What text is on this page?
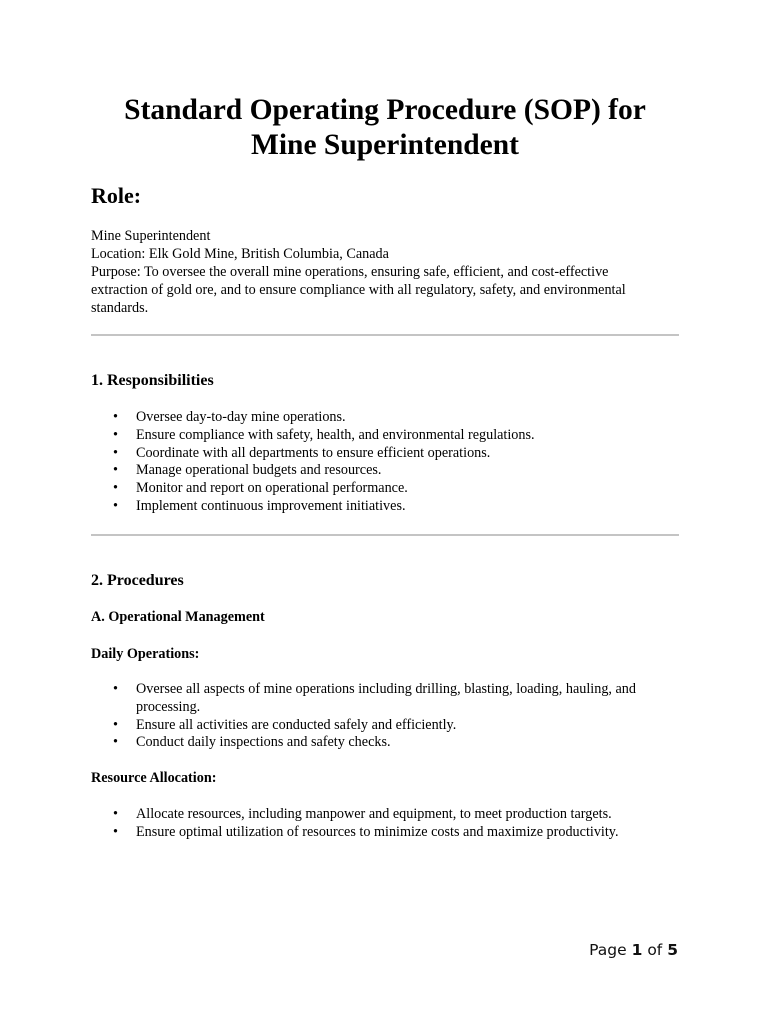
Standard Operating Procedure (SOP) for
Mine Superintendent
Role:
Mine Superintendent
Location: Elk Gold Mine, British Columbia, Canada
Purpose: To oversee the overall mine operations, ensuring safe, efficient, and cost-effective
extraction of gold ore, and to ensure compliance with all regulatory, safety, and environmental
standards.
1. Responsibilities
• Oversee day-to-day mine operations.
• Ensure compliance with safety, health, and environmental regulations.
• Coordinate with all departments to ensure efficient operations.
• Manage operational budgets and resources.
• Monitor and report on operational performance.
• Implement continuous improvement initiatives.
2. Procedures
A. Operational Management
Daily Operations:
• Oversee all aspects of mine operations including drilling, blasting, loading, hauling, and processing.
• Ensure all activities are conducted safely and efficiently.
• Conduct daily inspections and safety checks.
Resource Allocation:
• Allocate resources, including manpower and equipment, to meet production targets.
• Ensure optimal utilization of resources to minimize costs and maximize productivity.
Page 1 of 5
